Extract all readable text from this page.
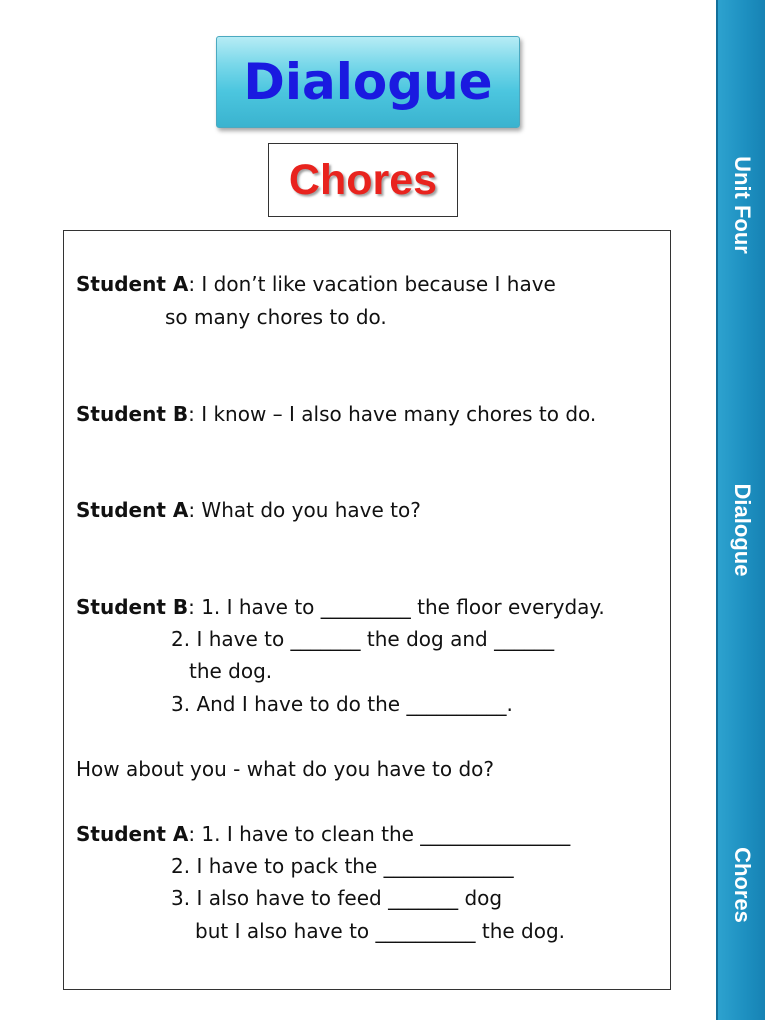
Dialogue
Chores
Student A: I don’t like vacation because I have
so many chores to do.
Student B: I know – I also have many chores to do.
Student A: What do you have to?
Student B: 1. I have to _________ the floor everyday.
2. I have to _______ the dog and ______
the dog.
3. And I have to do the __________.
How about you - what do you have to do?
Student A: 1. I have to clean the _______________
2. I have to pack the _____________
3. I also have to feed _______ dog
but I also have to __________ the dog.
Unit Four
Dialogue
Chores
